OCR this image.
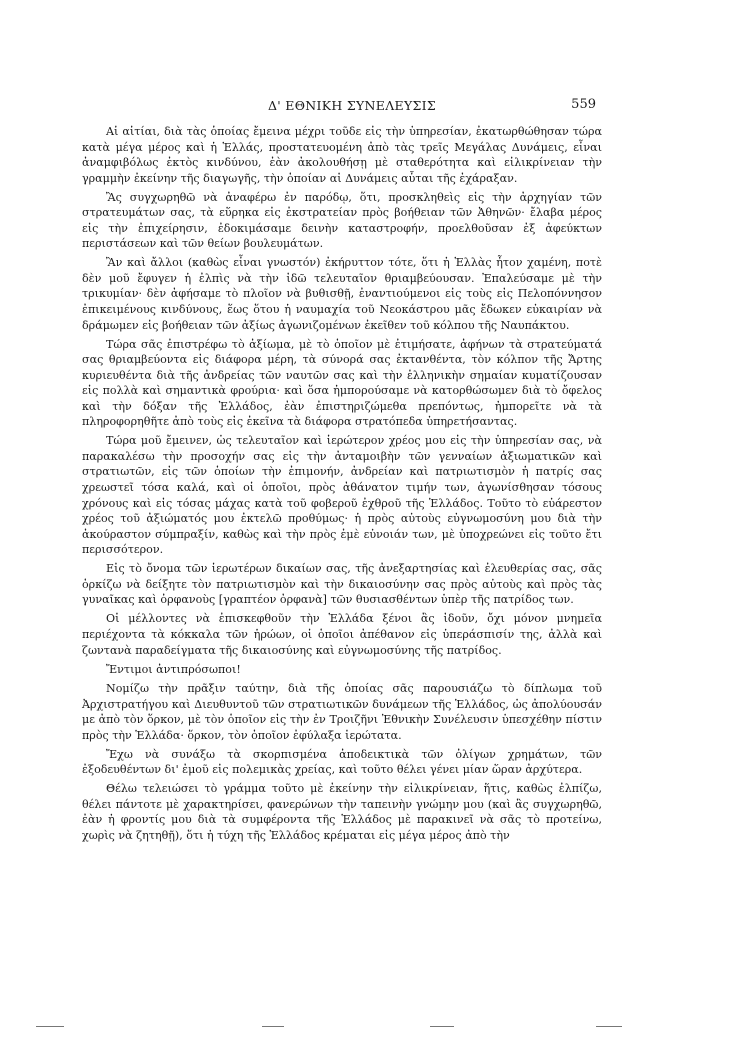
Δ' ΕΘΝΙΚΗ ΣΥΝΕΛΕΥΣΙΣ	559

Αἱ αἰτίαι, διὰ τὰς ὁποίας ἔμεινα μέχρι τοῦδε εἰς τὴν ὑπηρεσίαν, ἐκατωρθώθησαν τώρα κατὰ μέγα μέρος καὶ ἡ Ἑλλάς, προστατευομένη ἀπὸ τὰς τρεῖς Μεγάλας Δυνάμεις, εἶναι ἀναμφιβόλως ἐκτὸς κινδύνου, ἐὰν ἀκολουθήσῃ μὲ σταθερότητα καὶ εἰλικρίνειαν τὴν γραμμὴν ἐκείνην τῆς διαγωγῆς, τὴν ὁποίαν αἱ Δυνάμεις αὗται τῆς ἐχάραξαν.

Ἂς συγχωρηθῶ νὰ ἀναφέρω ἐν παρόδῳ, ὅτι, προσκληθεὶς εἰς τὴν ἀρχηγίαν τῶν στρατευμάτων σας, τὰ εὕρηκα εἰς ἐκστρατείαν πρὸς βοήθειαν τῶν Ἀθηνῶν· ἔλαβα μέρος εἰς τὴν ἐπιχείρησιν, ἐδοκιμάσαμε δεινὴν καταστροφήν, προελθοῦσαν ἐξ ἀφεύκτων περιστάσεων καὶ τῶν θείων βουλευμάτων.

Ἂν καὶ ἄλλοι (καθὼς εἶναι γνωστόν) ἐκήρυττον τότε, ὅτι ἡ Ἑλλὰς ἦτον χαμένη, ποτὲ δὲν μοῦ ἔφυγεν ἡ ἐλπὶς νὰ τὴν ἰδῶ τελευταῖον θριαμβεύουσαν. Ἐπαλεύσαμε μὲ τὴν τρικυμίαν· δὲν ἀφήσαμε τὸ πλοῖον νὰ βυθισθῇ, ἐναντιούμενοι εἰς τοὺς εἰς Πελοπόννησον ἐπικειμένους κινδύνους, ἕως ὅτου ἡ ναυμαχία τοῦ Νεοκάστρου μᾶς ἔδωκεν εὐκαιρίαν νὰ δράμωμεν εἰς βοήθειαν τῶν ἀξίως ἀγωνιζομένων ἐκεῖθεν τοῦ κόλπου τῆς Ναυπάκτου.

Τώρα σᾶς ἐπιστρέφω τὸ ἀξίωμα, μὲ τὸ ὁποῖον μὲ ἐτιμήσατε, ἀφήνων τὰ στρατεύματά σας θριαμβεύοντα εἰς διάφορα μέρη, τὰ σύνορά σας ἐκτανθέντα, τὸν κόλπον τῆς Ἄρτης κυριευθέντα διὰ τῆς ἀνδρείας τῶν ναυτῶν σας καὶ τὴν ἑλληνικὴν σημαίαν κυματίζουσαν εἰς πολλὰ καὶ σημαντικὰ φρούρια· καὶ ὅσα ἠμπορούσαμε νὰ κατορθώσωμεν διὰ τὸ ὄφελος καὶ τὴν δόξαν τῆς Ἑλλάδος, ἐὰν ἐπιστηριζώμεθα πρεπόντως, ἠμπορεῖτε νὰ τὰ πληροφορηθῆτε ἀπὸ τοὺς εἰς ἐκεῖνα τὰ διάφορα στρατόπεδα ὑπηρετήσαντας.

Τώρα μοῦ ἔμεινεν, ὡς τελευταῖον καὶ ἱερώτερον χρέος μου εἰς τὴν ὑπηρεσίαν σας, νὰ παρακαλέσω τὴν προσοχήν σας εἰς τὴν ἀνταμοιβὴν τῶν γενναίων ἀξιωματικῶν καὶ στρατιωτῶν, εἰς τῶν ὁποίων τὴν ἐπιμονήν, ἀνδρείαν καὶ πατριωτισμὸν ἡ πατρίς σας χρεωστεῖ τόσα καλά, καὶ οἱ ὁποῖοι, πρὸς ἀθάνατον τιμήν των, ἀγωνίσθησαν τόσους χρόνους καὶ εἰς τόσας μάχας κατὰ τοῦ φοβεροῦ ἐχθροῦ τῆς Ἑλλάδος. Τοῦτο τὸ εὐάρεστον χρέος τοῦ ἀξιώματός μου ἐκτελῶ προθύμως· ἡ πρὸς αὐτοὺς εὐγνωμοσύνη μου διὰ τὴν ἀκούραστον σύμπραξίν, καθὼς καὶ τὴν πρὸς ἐμὲ εὐνοιάν των, μὲ ὑποχρεώνει εἰς τοῦτο ἔτι περισσότερον.

Εἰς τὸ ὄνομα τῶν ἱερωτέρων δικαίων σας, τῆς ἀνεξαρτησίας καὶ ἐλευθερίας σας, σᾶς ὁρκίζω νὰ δείξητε τὸν πατριωτισμὸν καὶ τὴν δικαιοσύνην σας πρὸς αὐτοὺς καὶ πρὸς τὰς γυναῖκας καὶ ὀρφανοὺς [γραπτέον ὀρφανὰ] τῶν θυσιασθέντων ὑπὲρ τῆς πατρίδος των.

Οἱ μέλλοντες νὰ ἐπισκεφθοῦν τὴν Ἑλλάδα ξένοι ἂς ἰδοῦν, ὄχι μόνον μνημεῖα περιέχοντα τὰ κόκκαλα τῶν ἡρώων, οἱ ὁποῖοι ἀπέθανον εἰς ὑπεράσπισίν της, ἀλλὰ καὶ ζωντανὰ παραδείγματα τῆς δικαιοσύνης καὶ εὐγνωμοσύνης τῆς πατρίδος.

Ἔντιμοι ἀντιπρόσωποι!

Νομίζω τὴν πρᾶξιν ταύτην, διὰ τῆς ὁποίας σᾶς παρουσιάζω τὸ δίπλωμα τοῦ Ἀρχιστρατήγου καὶ Διευθυντοῦ τῶν στρατιωτικῶν δυνάμεων τῆς Ἑλλάδος, ὡς ἀπολύουσάν με ἀπὸ τὸν ὅρκον, μὲ τὸν ὁποῖον εἰς τὴν ἐν Τροιζῆνι Ἐθνικὴν Συνέλευσιν ὑπεσχέθην πίστιν πρὸς τὴν Ἑλλάδα· ὅρκον, τὸν ὁποῖον ἐφύλαξα ἱερώτατα.

Ἔχω νὰ συνάξω τὰ σκορπισμένα ἀποδεικτικὰ τῶν ὀλίγων χρημάτων, τῶν ἐξοδευθέντων δι' ἐμοῦ εἰς πολεμικὰς χρείας, καὶ τοῦτο θέλει γένει μίαν ὥραν ἀρχύτερα.

Θέλω τελειώσει τὸ γράμμα τοῦτο μὲ ἐκείνην τὴν εἰλικρίνειαν, ἥτις, καθὼς ἐλπίζω, θέλει πάντοτε μὲ χαρακτηρίσει, φανερώνων τὴν ταπεινὴν γνώμην μου (καὶ ἂς συγχωρηθῶ, ἐὰν ἡ φροντίς μου διὰ τὰ συμφέροντα τῆς Ἑλλάδος μὲ παρακινεῖ νὰ σᾶς τὸ προτείνω, χωρὶς νὰ ζητηθῇ), ὅτι ἡ τύχη τῆς Ἑλλάδος κρέμαται εἰς μέγα μέρος ἀπὸ τὴν
